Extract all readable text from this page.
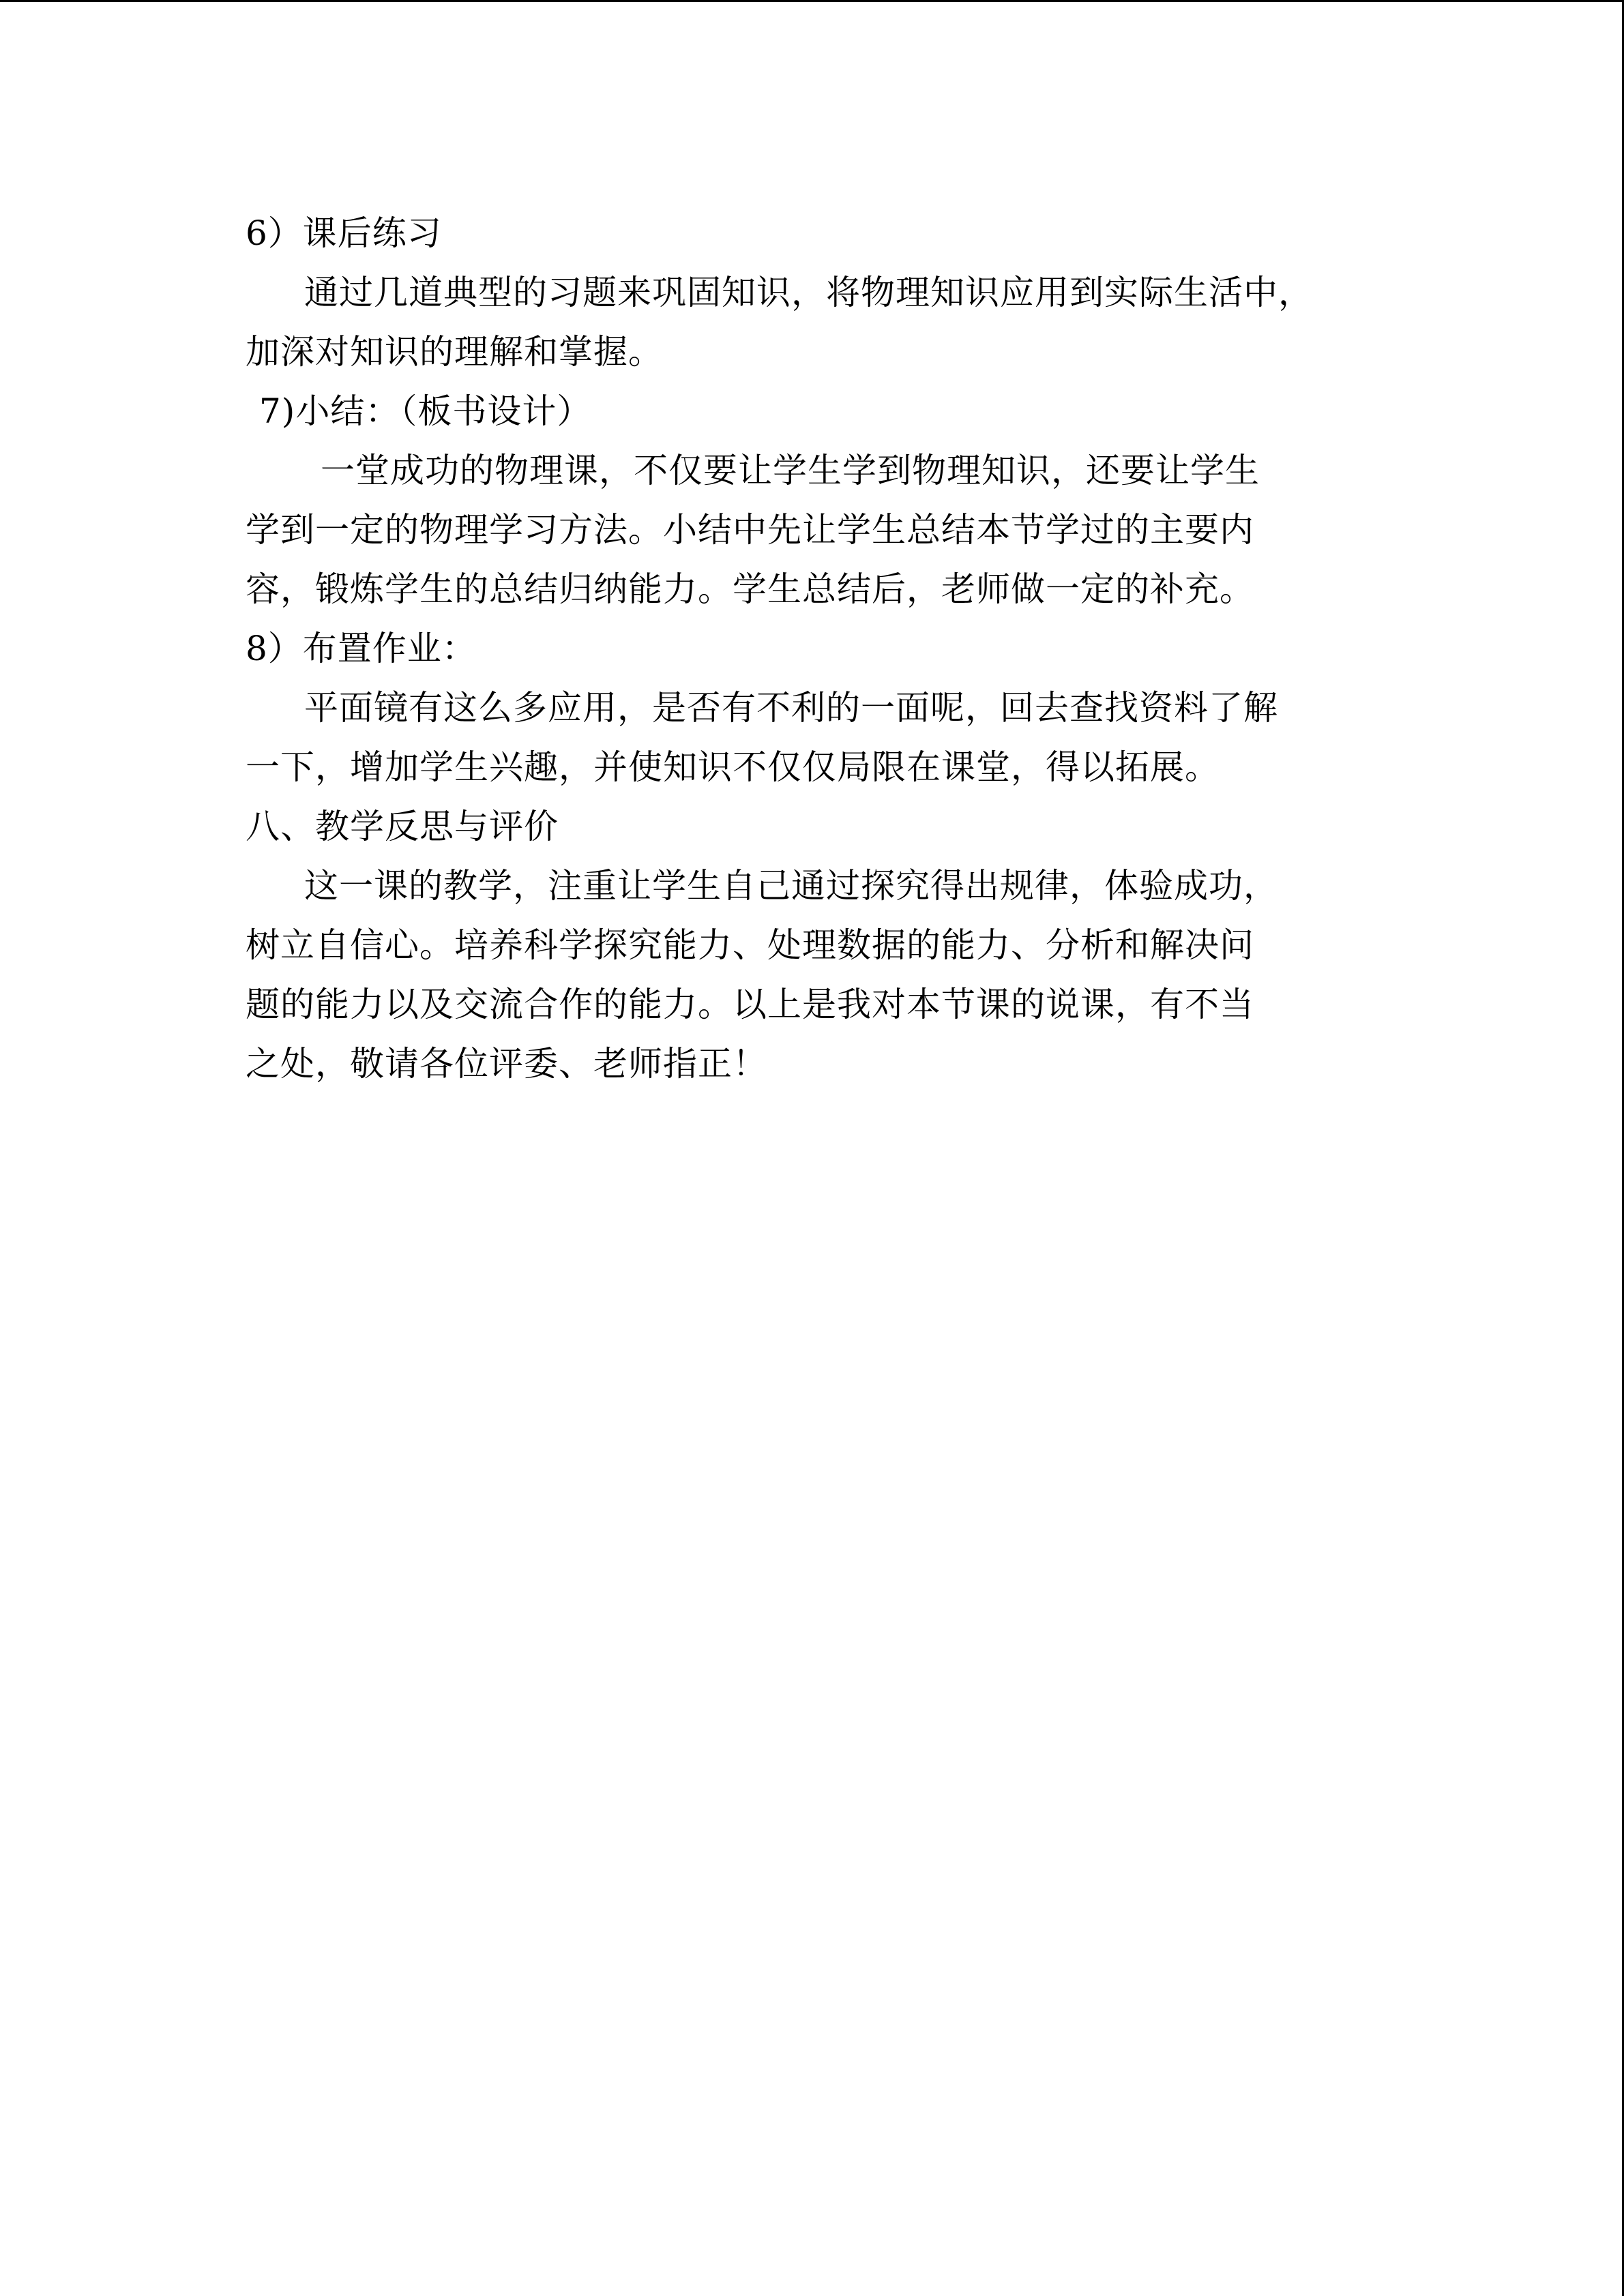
6）课后练习
通过几道典型的习题来巩固知识，将物理知识应用到实际生活中，
加深对知识的理解和掌握。
7)小结：（板书设计）
一堂成功的物理课，不仅要让学生学到物理知识，还要让学生
学到一定的物理学习方法。小结中先让学生总结本节学过的主要内
容，锻炼学生的总结归纳能力。学生总结后，老师做一定的补充。
8）布置作业：
平面镜有这么多应用，是否有不利的一面呢，回去查找资料了解
一下，增加学生兴趣，并使知识不仅仅局限在课堂，得以拓展。
八、教学反思与评价
这一课的教学，注重让学生自己通过探究得出规律，体验成功，
树立自信心。培养科学探究能力、处理数据的能力、分析和解决问
题的能力以及交流合作的能力。以上是我对本节课的说课，有不当
之处，敬请各位评委、老师指正！
